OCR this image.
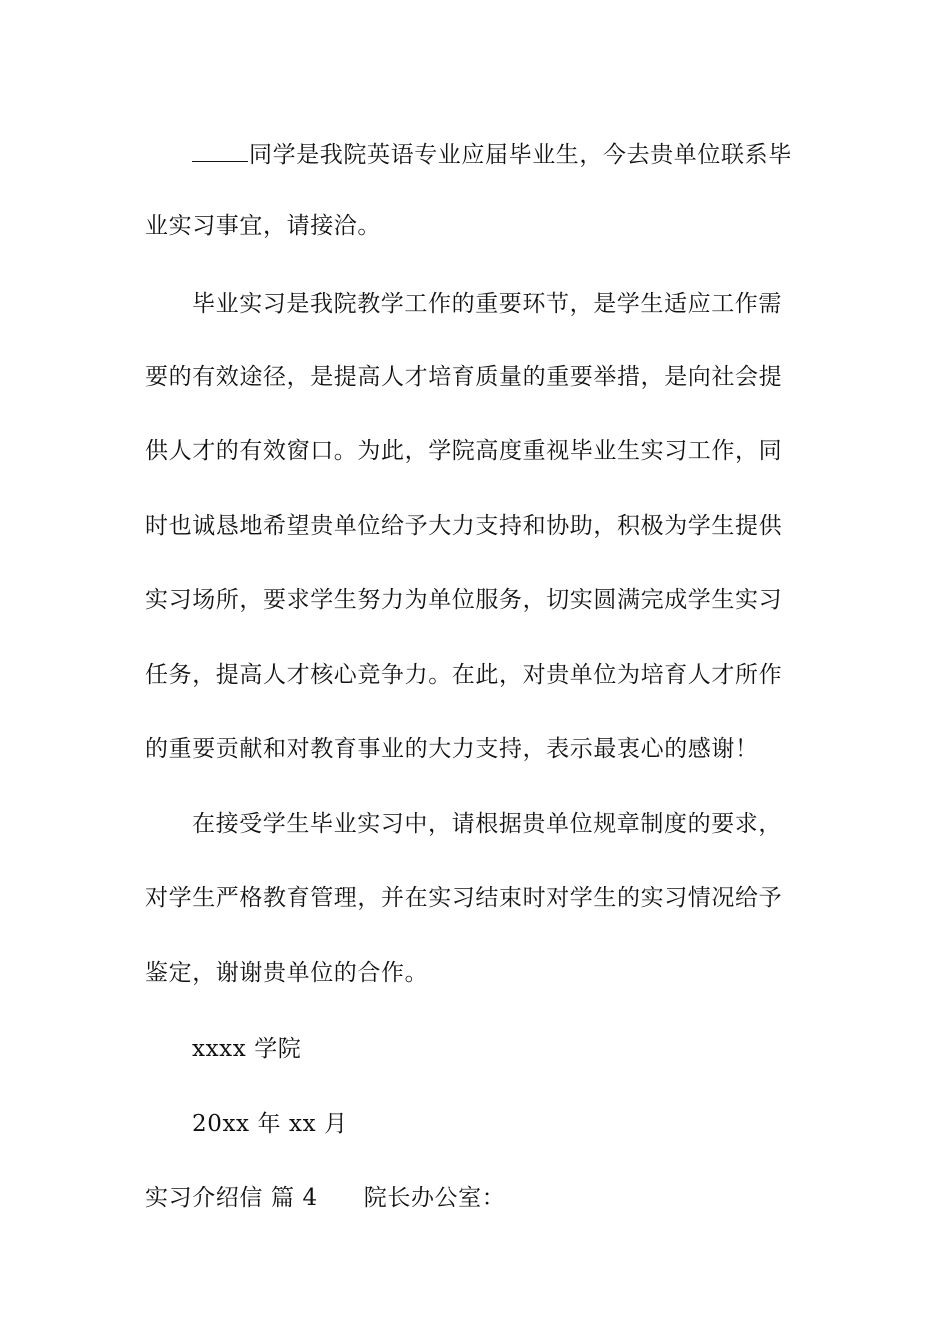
同学是我院英语专业应届毕业生，今去贵单位联系毕
业实习事宜，请接洽。
毕业实习是我院教学工作的重要环节，是学生适应工作需
要的有效途径，是提高人才培育质量的重要举措，是向社会提
供人才的有效窗口。为此，学院高度重视毕业生实习工作，同
时也诚恳地希望贵单位给予大力支持和协助，积极为学生提供
实习场所，要求学生努力为单位服务，切实圆满完成学生实习
任务，提高人才核心竞争力。在此，对贵单位为培育人才所作
的重要贡献和对教育事业的大力支持，表示最衷心的感谢！
在接受学生毕业实习中，请根据贵单位规章制度的要求，
对学生严格教育管理，并在实习结束时对学生的实习情况给予
鉴定，谢谢贵单位的合作。
xxxx 学院
20xx 年 xx 月
实习介绍信 篇 4 院长办公室：
